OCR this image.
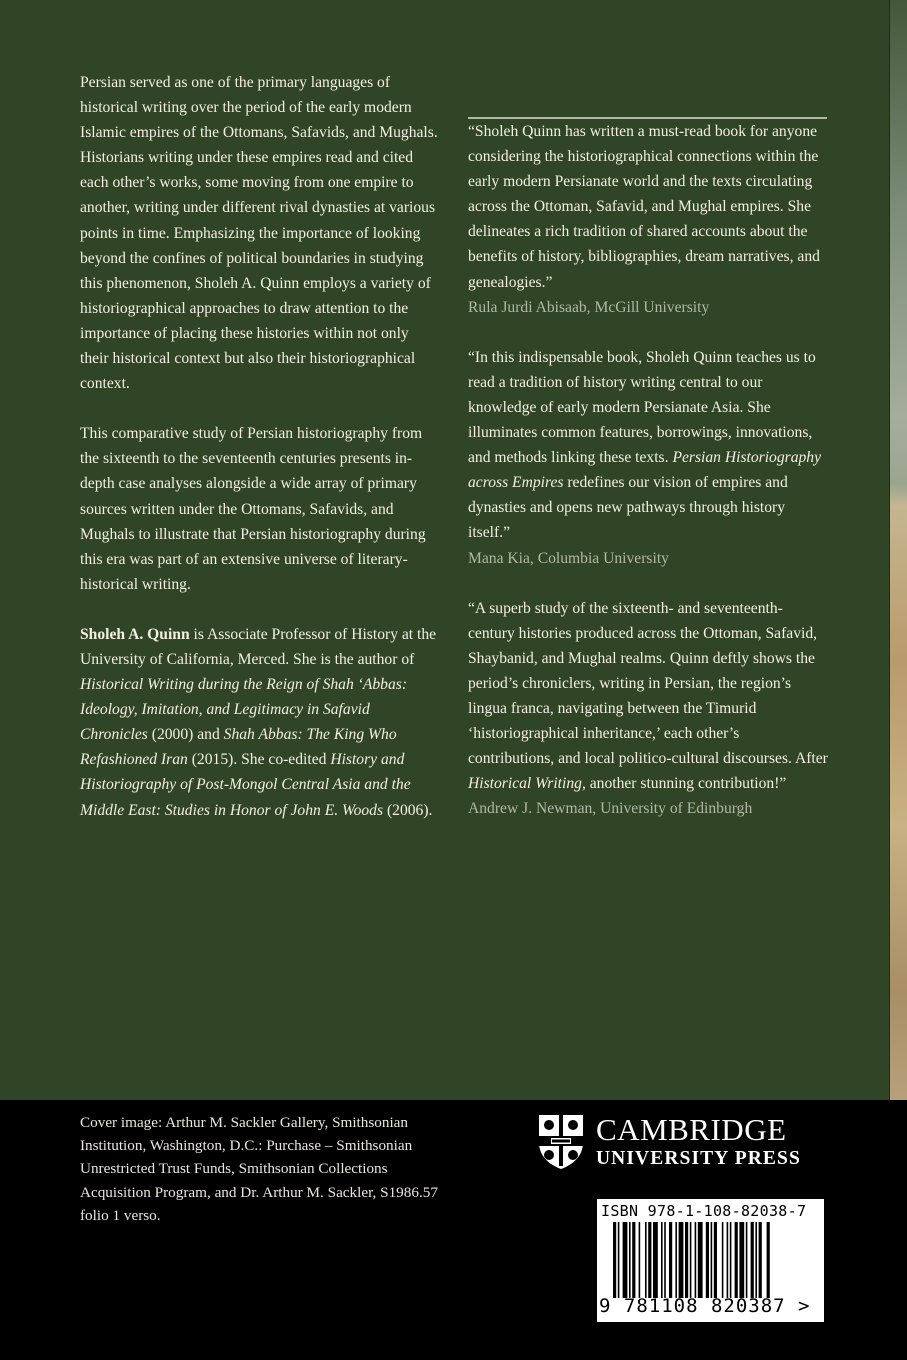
Persian served as one of the primary languages of historical writing over the period of the early modern Islamic empires of the Ottomans, Safavids, and Mughals. Historians writing under these empires read and cited each other’s works, some moving from one empire to another, writing under different rival dynasties at various points in time. Emphasizing the importance of looking beyond the confines of political boundaries in studying this phenomenon, Sholeh A. Quinn employs a variety of historiographical approaches to draw attention to the importance of placing these histories within not only their historical context but also their historiographical context.

This comparative study of Persian historiography from the sixteenth to the seventeenth centuries presents in-depth case analyses alongside a wide array of primary sources written under the Ottomans, Safavids, and Mughals to illustrate that Persian historiography during this era was part of an extensive universe of literary-historical writing.

Sholeh A. Quinn is Associate Professor of History at the University of California, Merced. She is the author of Historical Writing during the Reign of Shah ‘Abbas: Ideology, Imitation, and Legitimacy in Safavid Chronicles (2000) and Shah Abbas: The King Who Refashioned Iran (2015). She co-edited History and Historiography of Post-Mongol Central Asia and the Middle East: Studies in Honor of John E. Woods (2006).

“Sholeh Quinn has written a must-read book for anyone considering the historiographical connections within the early modern Persianate world and the texts circulating across the Ottoman, Safavid, and Mughal empires. She delineates a rich tradition of shared accounts about the benefits of history, bibliographies, dream narratives, and genealogies.”

Rula Jurdi Abisaab, McGill University

“In this indispensable book, Sholeh Quinn teaches us to read a tradition of history writing central to our knowledge of early modern Persianate Asia. She illuminates common features, borrowings, innovations, and methods linking these texts. Persian Historiography across Empires redefines our vision of empires and dynasties and opens new pathways through history itself.”

Mana Kia, Columbia University

“A superb study of the sixteenth- and seventeenth-century histories produced across the Ottoman, Safavid, Shaybanid, and Mughal realms. Quinn deftly shows the period’s chroniclers, writing in Persian, the region’s lingua franca, navigating between the Timurid ‘historiographical inheritance,’ each other’s contributions, and local politico-cultural discourses. After Historical Writing, another stunning contribution!”

Andrew J. Newman, University of Edinburgh
Cover image: Arthur M. Sackler Gallery, Smithsonian Institution, Washington, D.C.: Purchase – Smithsonian Unrestricted Trust Funds, Smithsonian Collections Acquisition Program, and Dr. Arthur M. Sackler, S1986.57 folio 1 verso.
CAMBRIDGE
UNIVERSITY PRESS
ISBN 978-1-108-82038-7
9 781108 820387 >
